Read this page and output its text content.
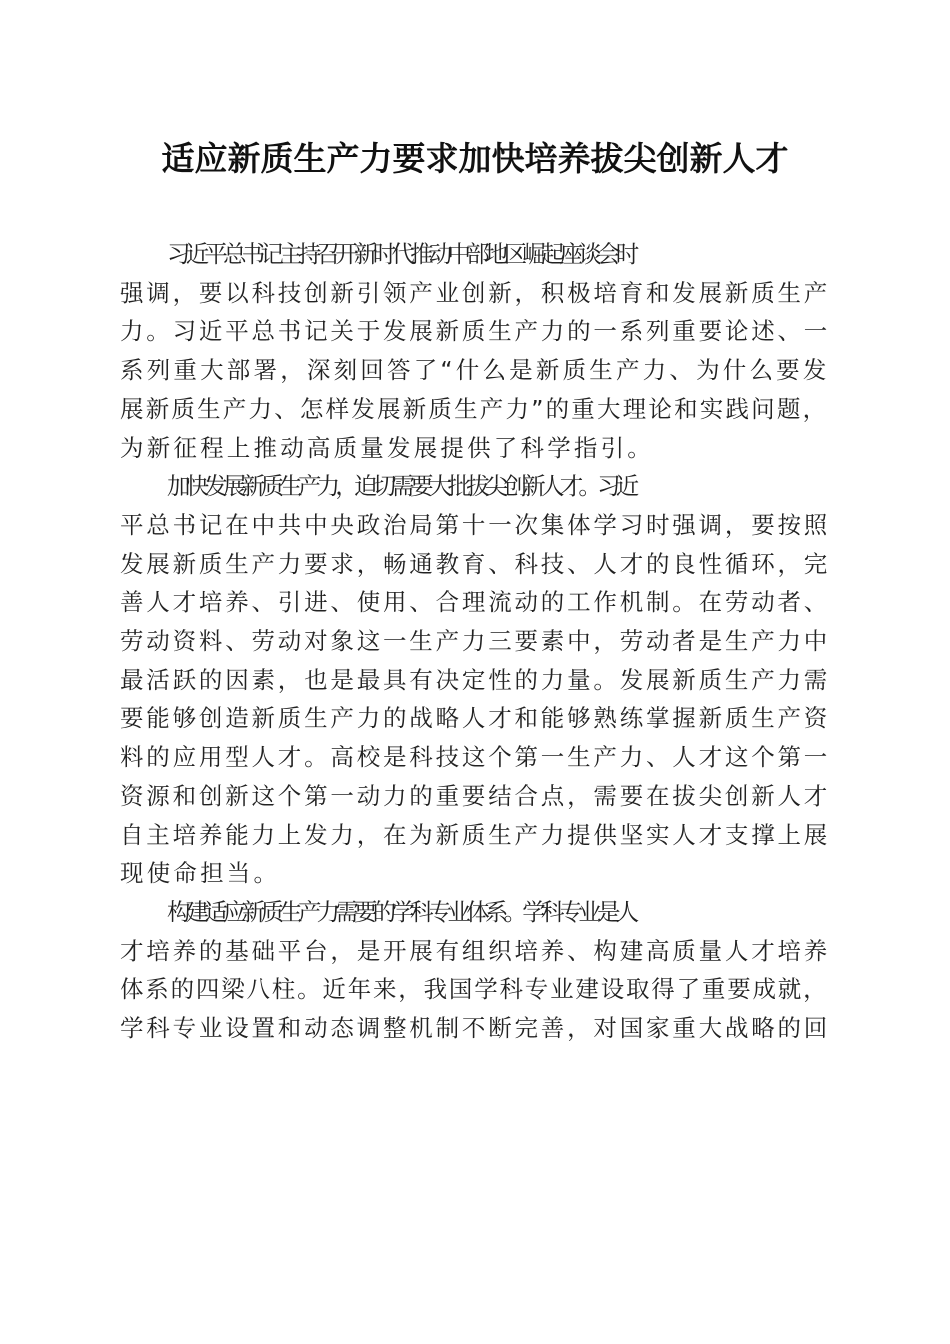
适应新质生产力要求加快培养拔尖创新人才

习近平总书记主持召开新时代推动中部地区崛起座谈会时
强调，要以科技创新引领产业创新，积极培育和发展新质生产
力。习近平总书记关于发展新质生产力的一系列重要论述、一
系列重大部署，深刻回答了“什么是新质生产力、为什么要发
展新质生产力、怎样发展新质生产力”的重大理论和实践问题，
为新征程上推动高质量发展提供了科学指引。

加快发展新质生产力，迫切需要大批拔尖创新人才。习近
平总书记在中共中央政治局第十一次集体学习时强调，要按照
发展新质生产力要求，畅通教育、科技、人才的良性循环，完
善人才培养、引进、使用、合理流动的工作机制。在劳动者、
劳动资料、劳动对象这一生产力三要素中，劳动者是生产力中
最活跃的因素，也是最具有决定性的力量。发展新质生产力需
要能够创造新质生产力的战略人才和能够熟练掌握新质生产资
料的应用型人才。高校是科技这个第一生产力、人才这个第一
资源和创新这个第一动力的重要结合点，需要在拔尖创新人才
自主培养能力上发力，在为新质生产力提供坚实人才支撑上展
现使命担当。

构建适应新质生产力需要的学科专业体系。学科专业是人
才培养的基础平台，是开展有组织培养、构建高质量人才培养
体系的四梁八柱。近年来，我国学科专业建设取得了重要成就，
学科专业设置和动态调整机制不断完善，对国家重大战略的回
